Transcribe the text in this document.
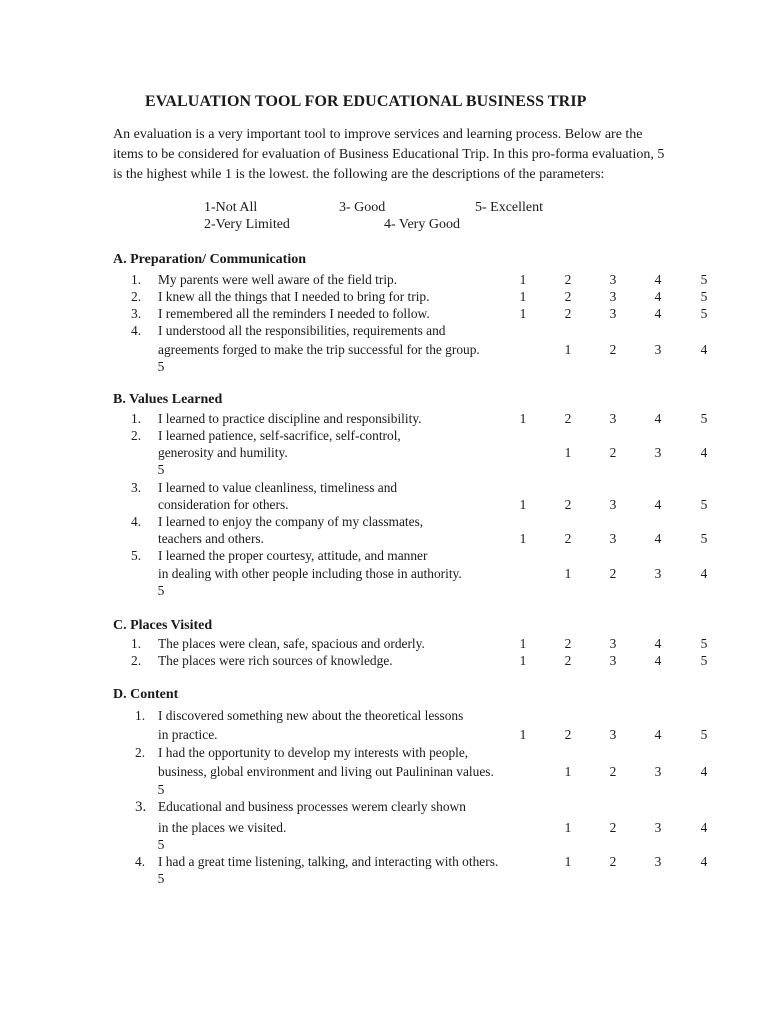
EVALUATION TOOL FOR EDUCATIONAL BUSINESS TRIP
An evaluation is a very important tool to improve services and learning process. Below are the
items to be considered for evaluation of Business Educational Trip. In this pro-forma evaluation, 5
is the highest while 1 is the lowest. the following are the descriptions of the parameters:
1-Not All	3- Good	5- Excellent
2-Very Limited	4- Very Good
A. Preparation/ Communication
1. My parents were well aware of the field trip.	1	2	3	4	5
2. I knew all the things that I needed to bring for trip.	1	2	3	4	5
3. I remembered all the reminders I needed to follow.	1	2	3	4	5
4. I understood all the responsibilities, requirements and
agreements forged to make the trip successful for the group.	1	2	3	4
5
B. Values Learned
1. I learned to practice discipline and responsibility.	1	2	3	4	5
2. I learned patience, self-sacrifice, self-control,
generosity and humility.	1	2	3	4
5
3. I learned to value cleanliness, timeliness and
consideration for others.	1	2	3	4	5
4. I learned to enjoy the company of my classmates,
teachers and others.	1	2	3	4	5
5. I learned the proper courtesy, attitude, and manner
in dealing with other people including those in authority.	1	2	3	4
5
C. Places Visited
1. The places were clean, safe, spacious and orderly.	1	2	3	4	5
2. The places were rich sources of knowledge.	1	2	3	4	5
D. Content
1. I discovered something new about the theoretical lessons
in practice.	1	2	3	4	5
2. I had the opportunity to develop my interests with people,
business, global environment and living out Paulininan values.	1	2	3	4
5
3. Educational and business processes werem clearly shown
in the places we visited.	1	2	3	4
5
4. I had a great time listening, talking, and interacting with others.	1	2	3	4
5
